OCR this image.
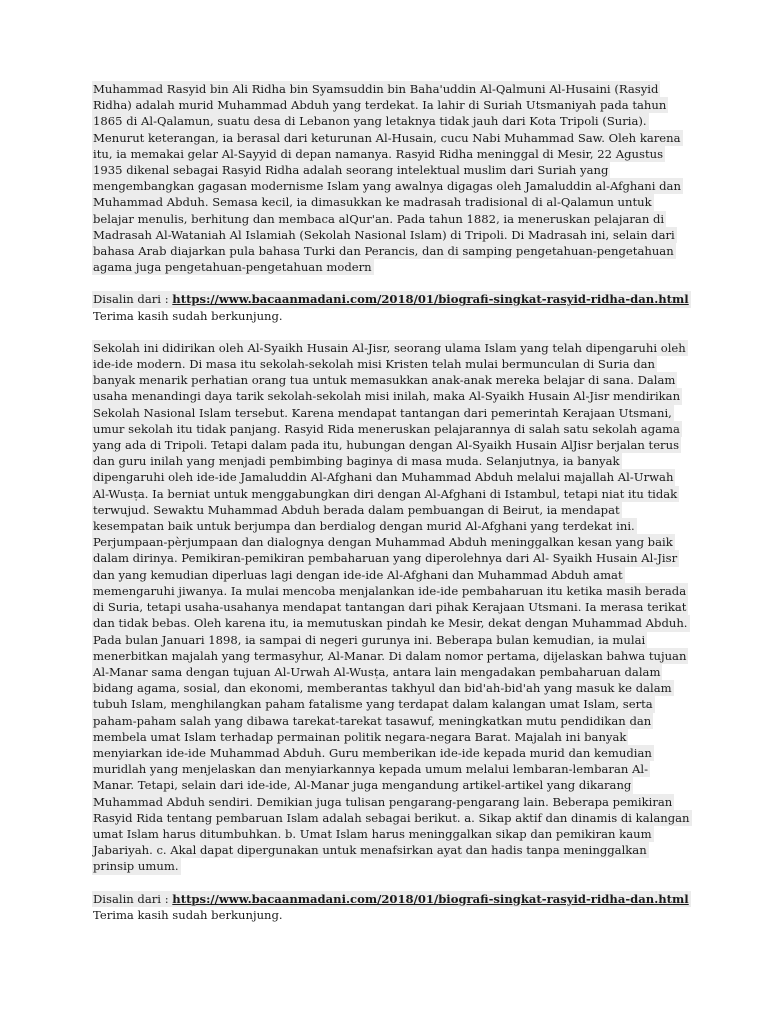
Muhammad Rasyid bin Ali Ridha bin Syamsuddin bin Baha'uddin Al-Qalmuni Al-Husaini (Rasyid
Ridha) adalah murid Muhammad Abduh yang terdekat. Ia lahir di Suriah Utsmaniyah pada tahun
1865 di Al-Qalamun, suatu desa di Lebanon yang letaknya tidak jauh dari Kota Tripoli (Suria).
Menurut keterangan, ia berasal dari keturunan Al-Husain, cucu Nabi Muhammad Saw. Oleh karena
itu, ia memakai gelar Al-Sayyid di depan namanya. Rasyid Ridha meninggal di Mesir, 22 Agustus
1935 dikenal sebagai Rasyid Ridha adalah seorang intelektual muslim dari Suriah yang
mengembangkan gagasan modernisme Islam yang awalnya digagas oleh Jamaluddin al-Afghani dan
Muhammad Abduh. Semasa kecil, ia dimasukkan ke madrasah tradisional di al-Qalamun untuk
belajar menulis, berhitung dan membaca alQur'an. Pada tahun 1882, ia meneruskan pelajaran di
Madrasah Al-Wataniah Al Islamiah (Sekolah Nasional Islam) di Tripoli. Di Madrasah ini, selain dari
bahasa Arab diajarkan pula bahasa Turki dan Perancis, dan di samping pengetahuan-pengetahuan
agama juga pengetahuan-pengetahuan modern
Disalin dari : https://www.bacaanmadani.com/2018/01/biografi-singkat-rasyid-ridha-dan.html
Terima kasih sudah berkunjung.
Sekolah ini didirikan oleh Al-Syaikh Husain Al-Jisr, seorang ulama Islam yang telah dipengaruhi oleh
ide-ide modern. Di masa itu sekolah-sekolah misi Kristen telah mulai bermunculan di Suria dan
banyak menarik perhatian orang tua untuk memasukkan anak-anak mereka belajar di sana. Dalam
usaha menandingi daya tarik sekolah-sekolah misi inilah, maka Al-Syaikh Husain Al-Jisr mendirikan
Sekolah Nasional Islam tersebut. Karena mendapat tantangan dari pemerintah Kerajaan Utsmani,
umur sekolah itu tidak panjang. Rasyid Rida meneruskan pelajarannya di salah satu sekolah agama
yang ada di Tripoli. Tetapi dalam pada itu, hubungan dengan Al-Syaikh Husain AlJisr berjalan terus
dan guru inilah yang menjadi pembimbing baginya di masa muda. Selanjutnya, ia banyak
dipengaruhi oleh ide-ide Jamaluddin Al-Afghani dan Muhammad Abduh melalui majallah Al-Urwah
Al-Wusṭa. Ia berniat untuk menggabungkan diri dengan Al-Afghani di Istambul, tetapi niat itu tidak
terwujud. Sewaktu Muhammad Abduh berada dalam pembuangan di Beirut, ia mendapat
kesempatan baik untuk berjumpa dan berdialog dengan murid Al-Afghani yang terdekat ini.
Perjumpaan-pèrjumpaan dan dialognya dengan Muhammad Abduh meninggalkan kesan yang baik
dalam dirinya. Pemikiran-pemikiran pembaharuan yang diperolehnya dari Al- Syaikh Husain Al-Jisr
dan yang kemudian diperluas lagi dengan ide-ide Al-Afghani dan Muhammad Abduh amat
memengaruhi jiwanya. Ia mulai mencoba menjalankan ide-ide pembaharuan itu ketika masih berada
di Suria, tetapi usaha-usahanya mendapat tantangan dari pihak Kerajaan Utsmani. Ia merasa terikat
dan tidak bebas. Oleh karena itu, ia memutuskan pindah ke Mesir, dekat dengan Muhammad Abduh.
Pada bulan Januari 1898, ia sampai di negeri gurunya ini. Beberapa bulan kemudian, ia mulai
menerbitkan majalah yang termasyhur, Al-Manar. Di dalam nomor pertama, dijelaskan bahwa tujuan
Al-Manar sama dengan tujuan Al-Urwah Al-Wusṭa, antara lain mengadakan pembaharuan dalam
bidang agama, sosial, dan ekonomi, memberantas takhyul dan bid'ah-bid'ah yang masuk ke dalam
tubuh Islam, menghilangkan paham fatalisme yang terdapat dalam kalangan umat Islam, serta
paham-paham salah yang dibawa tarekat-tarekat tasawuf, meningkatkan mutu pendidikan dan
membela umat Islam terhadap permainan politik negara-negara Barat. Majalah ini banyak
menyiarkan ide-ide Muhammad Abduh. Guru memberikan ide-ide kepada murid dan kemudian
muridlah yang menjelaskan dan menyiarkannya kepada umum melalui lembaran-lembaran Al-
Manar. Tetapi, selain dari ide-ide, Al-Manar juga mengandung artikel-artikel yang dikarang
Muhammad Abduh sendiri. Demikian juga tulisan pengarang-pengarang lain. Beberapa pemikiran
Rasyid Rida tentang pembaruan Islam adalah sebagai berikut. a. Sikap aktif dan dinamis di kalangan
umat Islam harus ditumbuhkan. b. Umat Islam harus meninggalkan sikap dan pemikiran kaum
Jabariyah. c. Akal dapat dipergunakan untuk menafsirkan ayat dan hadis tanpa meninggalkan
prinsip umum.
Disalin dari : https://www.bacaanmadani.com/2018/01/biografi-singkat-rasyid-ridha-dan.html
Terima kasih sudah berkunjung.
